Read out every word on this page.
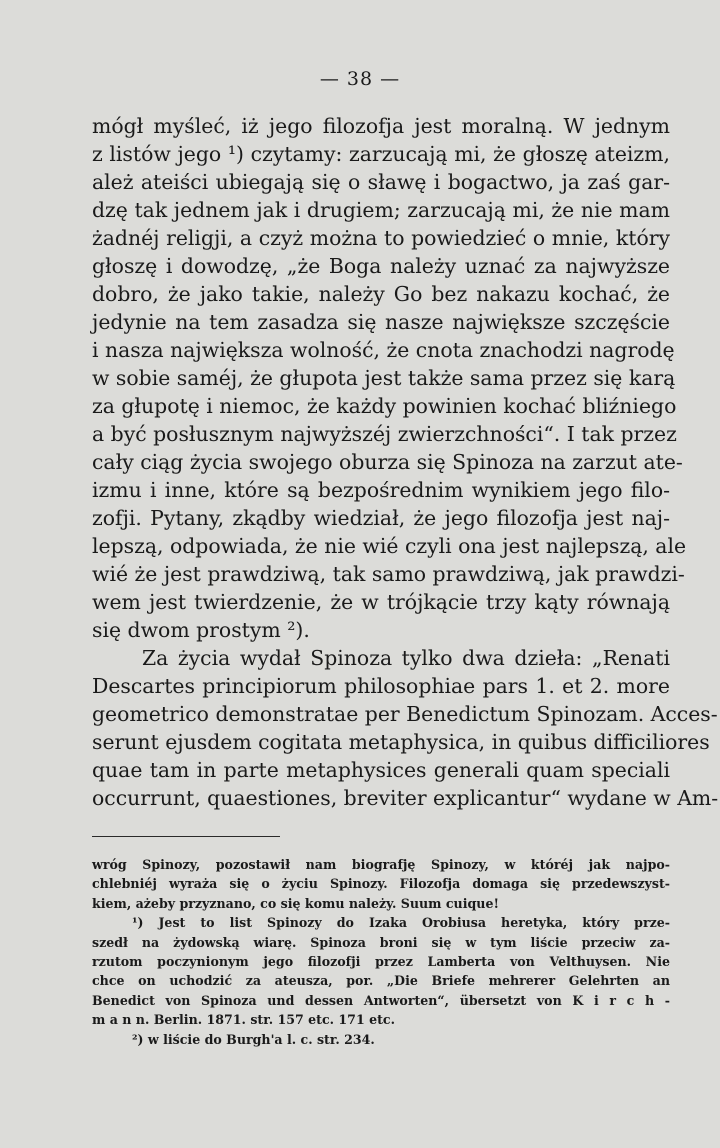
— 38 —
mógł myśleć, iż jego filozofja jest moralną. W jednym
z listów jego ¹) czytamy: zarzucają mi, że głoszę ateizm,
ależ ateiści ubiegają się o sławę i bogactwo, ja zaś gar-
dzę tak jednem jak i drugiem; zarzucają mi, że nie mam
żadnéj religji, a czyż można to powiedzieć o mnie, który
głoszę i dowodzę, „że Boga należy uznać za najwyższe
dobro, że jako takie, należy Go bez nakazu kochać, że
jedynie na tem zasadza się nasze największe szczęście
i nasza największa wolność, że cnota znachodzi nagrodę
w sobie saméj, że głupota jest także sama przez się karą
za głupotę i niemoc, że każdy powinien kochać bliźniego
a być posłusznym najwyższéj zwierzchności“. I tak przez
cały ciąg życia swojego oburza się Spinoza na zarzut ate-
izmu i inne, które są bezpośrednim wynikiem jego filo-
zofji. Pytany, zkądby wiedział, że jego filozofja jest naj-
lepszą, odpowiada, że nie wié czyli ona jest najlepszą, ale
wié że jest prawdziwą, tak samo prawdziwą, jak prawdzi-
wem jest twierdzenie, że w trójkącie trzy kąty równają
się dwom prostym ²).
Za życia wydał Spinoza tylko dwa dzieła: „Renati
Descartes principiorum philosophiae pars 1. et 2. more
geometrico demonstratae per Benedictum Spinozam. Acces-
serunt ejusdem cogitata metaphysica, in quibus difficiliores
quae tam in parte metaphysices generali quam speciali
occurrunt, quaestiones, breviter explicantur“ wydane w Am-
wróg Spinozy, pozostawił nam biografję Spinozy, w któréj jak najpo-
chlebniéj wyraża się o życiu Spinozy. Filozofja domaga się przedewszyst-
kiem, ażeby przyznano, co się komu należy. Suum cuique!
¹) Jest to list Spinozy do Izaka Orobiusa heretyka, który prze-
szedł na żydowską wiarę. Spinoza broni się w tym liście przeciw za-
rzutom poczynionym jego filozofji przez Lamberta von Velthuysen. Nie
chce on uchodzić za ateusza, por. „Die Briefe mehrerer Gelehrten an
Benedict von Spinoza und dessen Antworten“, übersetzt von K i r c h -
m a n n. Berlin. 1871. str. 157 etc. 171 etc.
²) w liście do Burgh'a l. c. str. 234.
